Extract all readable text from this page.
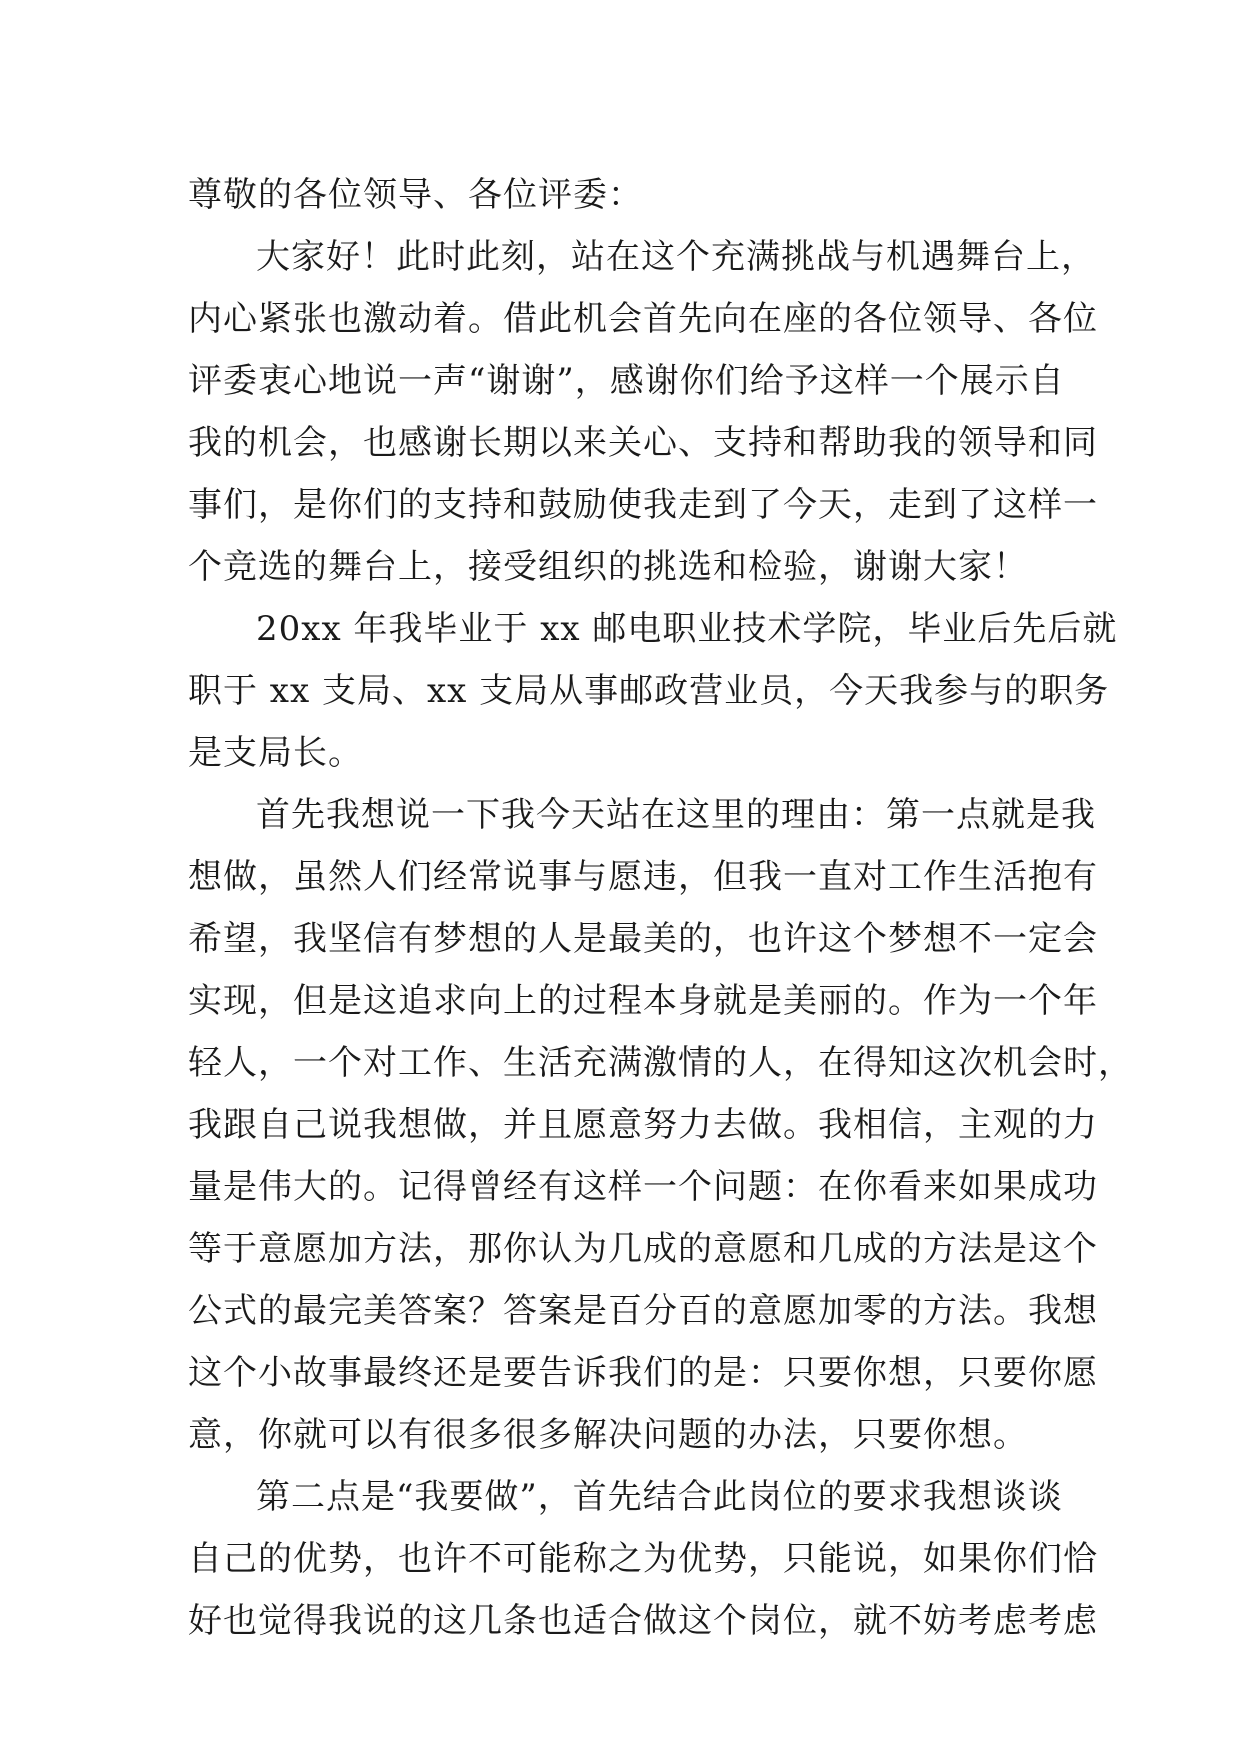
尊敬的各位领导、各位评委：

大家好！此时此刻，站在这个充满挑战与机遇舞台上，
内心紧张也激动着。借此机会首先向在座的各位领导、各位
评委衷心地说一声“谢谢”，感谢你们给予这样一个展示自
我的机会，也感谢长期以来关心、支持和帮助我的领导和同
事们，是你们的支持和鼓励使我走到了今天，走到了这样一
个竞选的舞台上，接受组织的挑选和检验，谢谢大家！

20xx 年我毕业于 xx 邮电职业技术学院，毕业后先后就
职于 xx 支局、xx 支局从事邮政营业员，今天我参与的职务
是支局长。

首先我想说一下我今天站在这里的理由：第一点就是我
想做，虽然人们经常说事与愿违，但我一直对工作生活抱有
希望，我坚信有梦想的人是最美的，也许这个梦想不一定会
实现，但是这追求向上的过程本身就是美丽的。作为一个年
轻人，一个对工作、生活充满激情的人，在得知这次机会时，
我跟自己说我想做，并且愿意努力去做。我相信，主观的力
量是伟大的。记得曾经有这样一个问题：在你看来如果成功
等于意愿加方法，那你认为几成的意愿和几成的方法是这个
公式的最完美答案？答案是百分百的意愿加零的方法。我想
这个小故事最终还是要告诉我们的是：只要你想，只要你愿
意，你就可以有很多很多解决问题的办法，只要你想。

第二点是“我要做”，首先结合此岗位的要求我想谈谈
自己的优势，也许不可能称之为优势，只能说，如果你们恰
好也觉得我说的这几条也适合做这个岗位，就不妨考虑考虑
